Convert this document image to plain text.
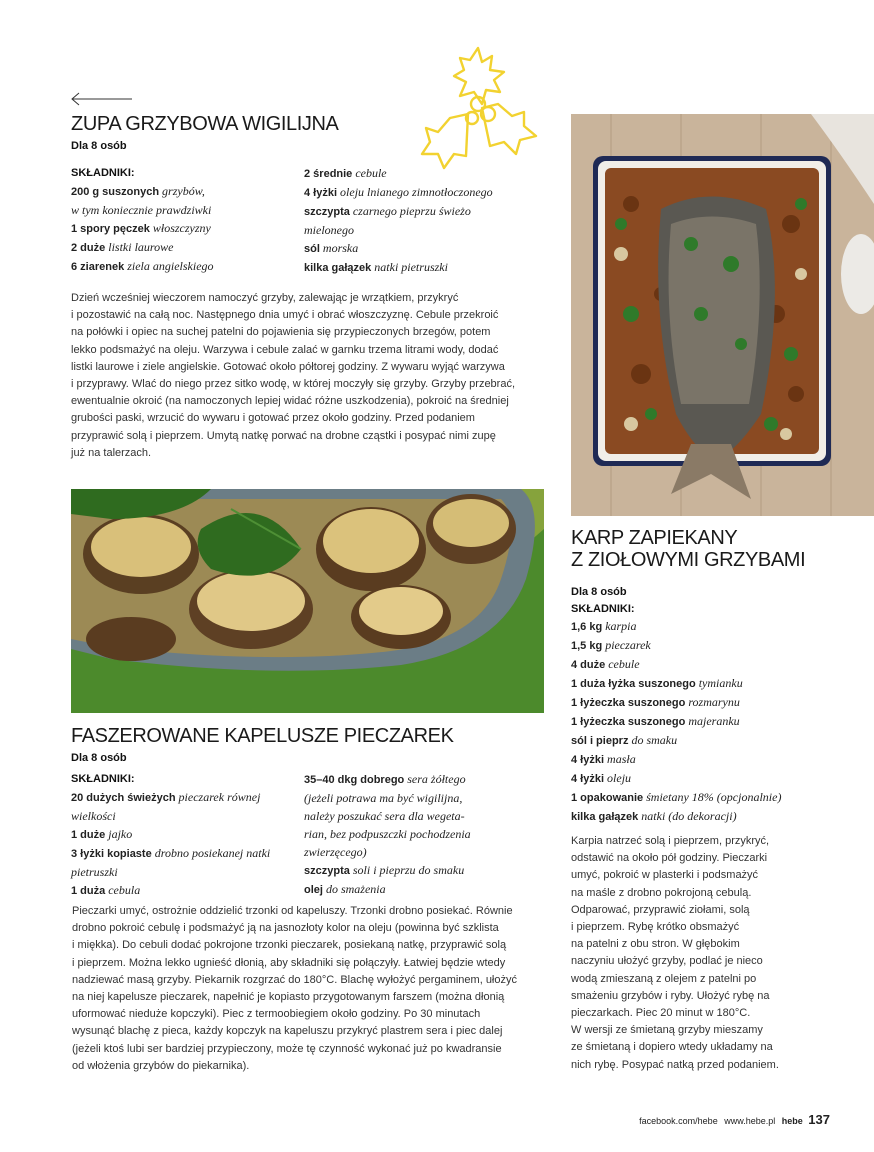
ZUPA GRZYBOWA WIGILIJNA
Dla 8 osób
SKŁADNIKI:
200 g suszonych grzybów,
w tym koniecznie prawdziwki
1 spory pęczek włoszczyzny
2 duże listki laurowe
6 ziarenek ziela angielskiego
2 średnie cebule
4 łyżki oleju lnianego zimnotłoczonego
szczypta czarnego pieprzu świeżo
mielonego
sól morska
kilka gałązek natki pietruszki

Dzień wcześniej wieczorem namoczyć grzyby, zalewając je wrzątkiem, przykryć

i pozostawić na całą noc. Następnego dnia umyć i obrać włoszczyznę. Cebule przekroić

na połówki i opiec na suchej patelni do pojawienia się przypieczonych brzegów, potem

lekko podsmażyć na oleju. Warzywa i cebule zalać w garnku trzema litrami wody, dodać

listki laurowe i ziele angielskie. Gotować około półtorej godziny. Z wywaru wyjąć warzywa

i przyprawy. Wlać do niego przez sitko wodę, w której moczyły się grzyby. Grzyby przebrać,

ewentualnie okroić (na namoczonych lepiej widać różne uszkodzenia), pokroić na średniej

grubości paski, wrzucić do wywaru i gotować przez około godziny. Przed podaniem

przyprawić solą i pieprzem. Umytą natkę porwać na drobne cząstki i posypać nimi zupę

już na talerzach.

FASZEROWANE KAPELUSZE PIECZAREK
Dla 8 osób
SKŁADNIKI:
20 dużych świeżych pieczarek równej
wielkości
1 duże jajko
3 łyżki kopiaste drobno posiekanej natki
pietruszki
1 duża cebula
35–40 dkg dobrego sera żółtego
(jeżeli potrawa ma być wigilijna,
należy poszukać sera dla wegeta-
rian, bez podpuszczki pochodzenia
zwierzęcego)
szczypta soli i pieprzu do smaku
olej do smażenia

Pieczarki umyć, ostrożnie oddzielić trzonki od kapeluszy. Trzonki drobno posiekać. Równie

drobno pokroić cebulę i podsmażyć ją na jasnozłoty kolor na oleju (powinna być szklista

i miękka). Do cebuli dodać pokrojone trzonki pieczarek, posiekaną natkę, przyprawić solą

i pieprzem. Można lekko ugnieść dłonią, aby składniki się połączyły. Łatwiej będzie wtedy

nadziewać masą grzyby. Piekarnik rozgrzać do 180°C. Blachę wyłożyć pergaminem, ułożyć

na niej kapelusze pieczarek, napełnić je kopiasto przygotowanym farszem (można dłonią

uformować nieduże kopczyki). Piec z termoobiegiem około godziny. Po 30 minutach

wysunąć blachę z pieca, każdy kopczyk na kapeluszu przykryć plastrem sera i piec dalej

(jeżeli ktoś lubi ser bardziej przypieczony, może tę czynność wykonać już po kwadransie

od włożenia grzybów do piekarnika).

KARP ZAPIEKANY
Z ZIOŁOWYMI GRZYBAMI
Dla 8 osób
SKŁADNIKI:
1,6 kg karpia
1,5 kg pieczarek
4 duże cebule
1 duża łyżka suszonego tymianku
1 łyżeczka suszonego rozmarynu
1 łyżeczka suszonego majeranku
sól i pieprz do smaku
4 łyżki masła
4 łyżki oleju
1 opakowanie śmietany 18% (opcjonalnie)
kilka gałązek natki (do dekoracji)

Karpia natrzeć solą i pieprzem, przykryć,

odstawić na około pół godziny. Pieczarki

umyć, pokroić w plasterki i podsmażyć

na maśle z drobno pokrojoną cebulą.

Odparować, przyprawić ziołami, solą

i pieprzem. Rybę krótko obsmażyć

na patelni z obu stron. W głębokim

naczyniu ułożyć grzyby, podlać je nieco

wodą zmieszaną z olejem z patelni po

smażeniu grzybów i ryby. Ułożyć rybę na

pieczarkach. Piec 20 minut w 180°C.

W wersji ze śmietaną grzyby mieszamy

ze śmietaną i dopiero wtedy układamy na

nich rybę. Posypać natką przed podaniem.

facebook.com/hebe www.hebe.pl hebe 137
